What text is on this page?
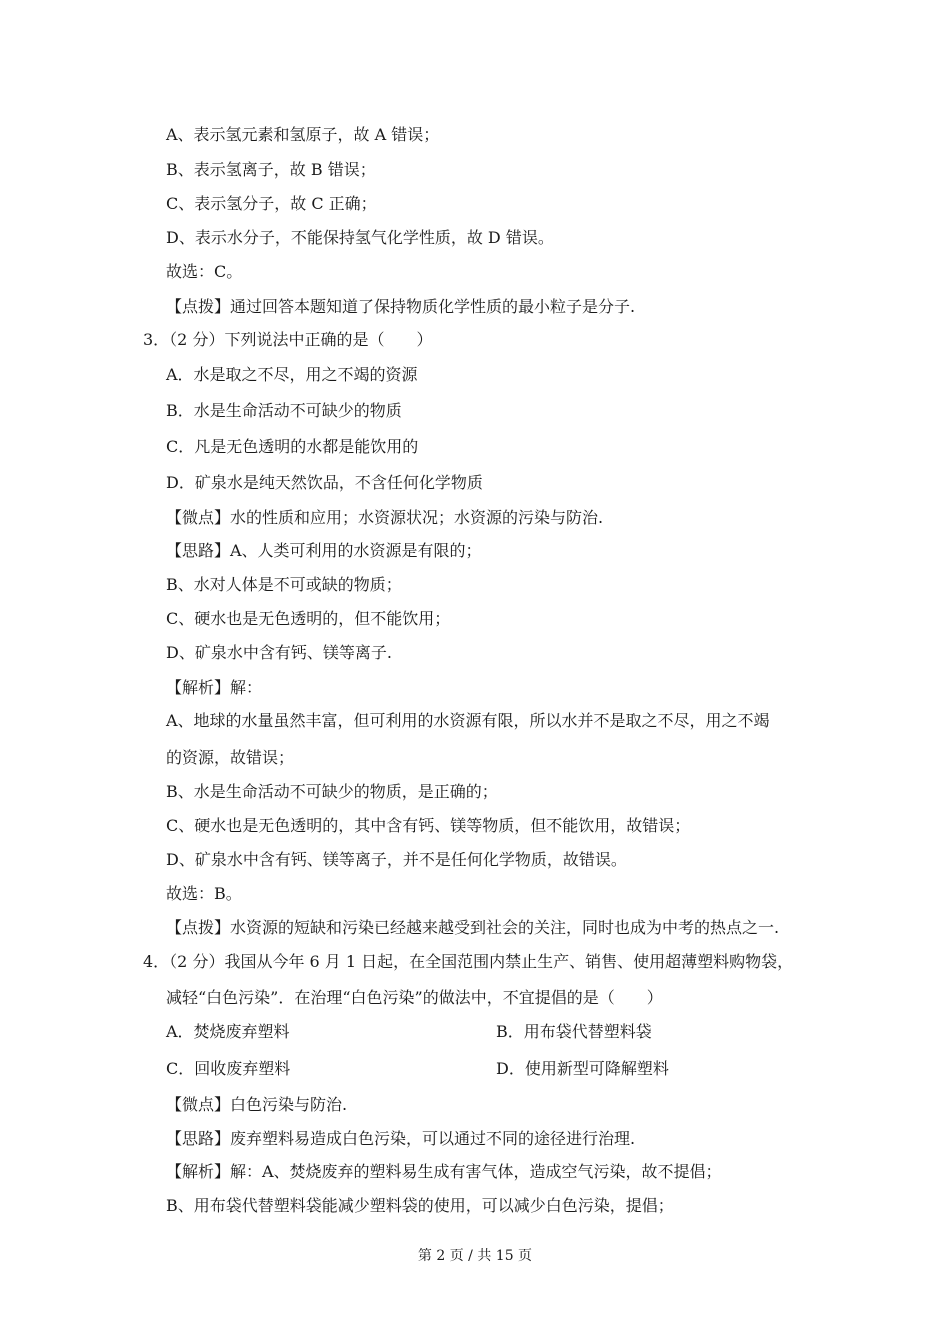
A、表示氢元素和氢原子，故 A 错误；
B、表示氢离子，故 B 错误；
C、表示氢分子，故 C 正确；
D、表示水分子，不能保持氢气化学性质，故 D 错误。
故选：C。
【点拨】通过回答本题知道了保持物质化学性质的最小粒子是分子.
3．（2 分）下列说法中正确的是（　　）
A．水是取之不尽，用之不竭的资源
B．水是生命活动不可缺少的物质
C．凡是无色透明的水都是能饮用的
D．矿泉水是纯天然饮品，不含任何化学物质
【微点】水的性质和应用；水资源状况；水资源的污染与防治.
【思路】A、人类可利用的水资源是有限的；
B、水对人体是不可或缺的物质；
C、硬水也是无色透明的，但不能饮用；
D、矿泉水中含有钙、镁等离子.
【解析】解：
A、地球的水量虽然丰富，但可利用的水资源有限，所以水并不是取之不尽，用之不竭
的资源，故错误；
B、水是生命活动不可缺少的物质，是正确的；
C、硬水也是无色透明的，其中含有钙、镁等物质，但不能饮用，故错误；
D、矿泉水中含有钙、镁等离子，并不是任何化学物质，故错误。
故选：B。
【点拨】水资源的短缺和污染已经越来越受到社会的关注，同时也成为中考的热点之一.
4．（2 分）我国从今年 6 月 1 日起，在全国范围内禁止生产、销售、使用超薄塑料购物袋，
减轻“白色污染”．在治理“白色污染”的做法中，不宜提倡的是（　　）
A．焚烧废弃塑料	B．用布袋代替塑料袋
C．回收废弃塑料	D．使用新型可降解塑料
【微点】白色污染与防治.
【思路】废弃塑料易造成白色污染，可以通过不同的途径进行治理.
【解析】解：A、焚烧废弃的塑料易生成有害气体，造成空气污染，故不提倡；
B、用布袋代替塑料袋能减少塑料袋的使用，可以减少白色污染，提倡；
第 2 页 / 共 15 页
